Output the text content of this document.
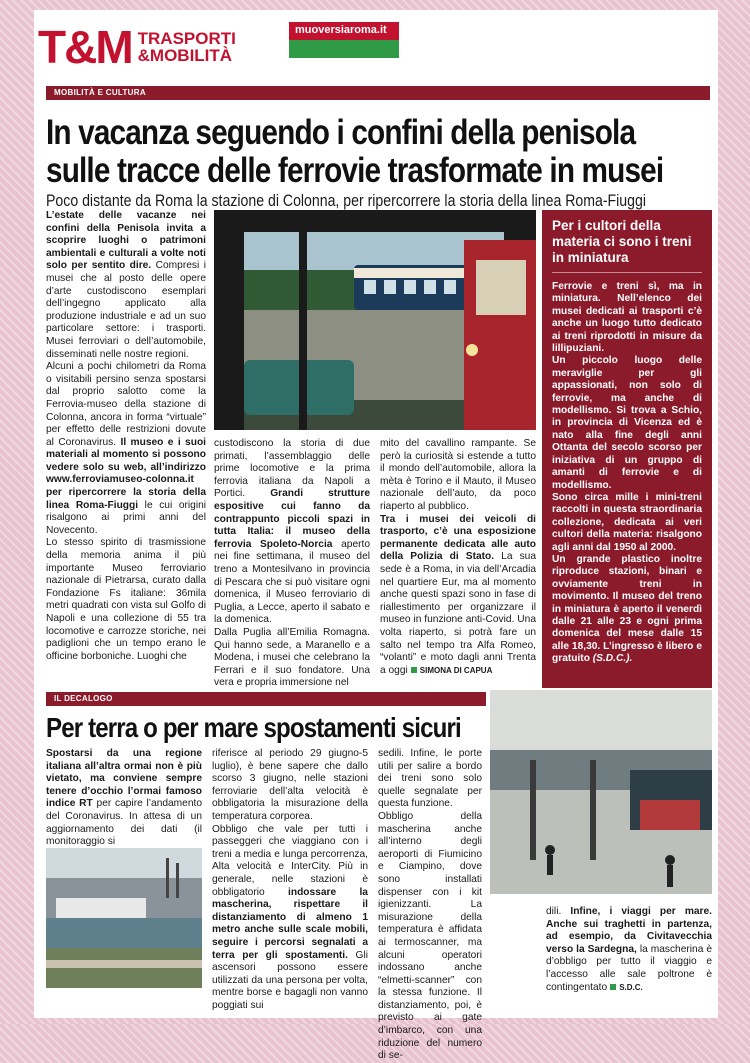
T&M TRASPORTI
&MOBILITÀ
muoversiaroma.it
MOBILITÀ E CULTURA
In vacanza seguendo i confini della penisola
sulle tracce delle ferrovie trasformate in musei
Poco distante da Roma la stazione di Colonna, per ripercorrere la storia della linea Roma-Fiuggi
L’estate delle vacanze nei confini della Penisola invita a scoprire luoghi o patrimoni ambientali e culturali a volte noti solo per sentito dire. Compresi i musei che al posto delle opere d’arte custodiscono esemplari dell’ingegno applicato alla produzione industriale e ad un suo particolare settore: i trasporti. Musei ferroviari o dell’automobile, disseminati nelle nostre regioni.
Alcuni a pochi chilometri da Roma o visitabili persino senza spostarsi dal proprio salotto come la Ferrovia-museo della stazione di Colonna, ancora in forma “virtuale” per effetto delle restrizioni dovute al Coronavirus. Il museo e i suoi materiali al momento si possono vedere solo su web, all’indirizzo www.ferroviamuseo-colonna.it per ripercorrere la storia della linea Roma-Fiuggi le cui origini risalgono ai primi anni del Novecento.
Lo stesso spirito di trasmissione della memoria anima il più importante Museo ferroviario nazionale di Pietrarsa, curato dalla Fondazione Fs italiane: 36mila metri quadrati con vista sul Golfo di Napoli e una collezione di 55 tra locomotive e carrozze storiche, nei padiglioni che un tempo erano le officine borboniche. Luoghi che
custodiscono la storia di due primati, l’assemblaggio delle prime locomotive e la prima ferrovia italiana da Napoli a Portici. Grandi strutture espositive cui fanno da contrappunto piccoli spazi in tutta Italia: il museo della ferrovia Spoleto-Norcia aperto nei fine settimana, il museo del treno a Montesilvano in provincia di Pescara che si può visitare ogni domenica, il Museo ferroviario di Puglia, a Lecce, aperto il sabato e la domenica.
Dalla Puglia all’Emilia Romagna. Qui hanno sede, a Maranello e a Modena, i musei che celebrano la Ferrari e il suo fondatore. Una vera e propria immersione nel
mito del cavallino rampante. Se però la curiosità si estende a tutto il mondo dell’automobile, allora la mèta è Torino e il Mauto, il Museo nazionale dell’auto, da poco riaperto al pubblico.
Tra i musei dei veicoli di trasporto, c’è una esposizione permanente dedicata alle auto della Polizia di Stato. La sua sede è a Roma, in via dell’Arcadia nel quartiere Eur, ma al momento anche questi spazi sono in fase di riallestimento per organizzare il museo in funzione anti-Covid. Una volta riaperto, si potrà fare un salto nel tempo tra Alfa Romeo, “volanti” e moto dagli anni Trenta a oggi SIMONA DI CAPUA
Per i cultori della materia ci sono i treni in miniatura
Ferrovie e treni sì, ma in miniatura. Nell’elenco dei musei dedicati ai trasporti c’è anche un luogo tutto dedicato ai treni riprodotti in misure da lillipuziani.
Un piccolo luogo delle meraviglie per gli appassionati, non solo di ferrovie, ma anche di modellismo. Si trova a Schio, in provincia di Vicenza ed è nato alla fine degli anni Ottanta del secolo scorso per iniziativa di un gruppo di amanti di ferrovie e di modellismo.
Sono circa mille i mini-treni raccolti in questa straordinaria collezione, dedicata ai veri cultori della materia: risalgono agli anni dal 1950 al 2000.
Un grande plastico inoltre riproduce stazioni, binari e ovviamente treni in movimento. Il museo del treno in miniatura è aperto il venerdì dalle 21 alle 23 e ogni prima domenica del mese dalle 15 alle 18,30. L’ingresso è libero e gratuito (S.D.C.).
IL DECALOGO
Per terra o per mare spostamenti sicuri
Spostarsi da una regione italiana all’altra ormai non è più vietato, ma conviene sempre tenere d’occhio l’ormai famoso indice RT per capire l’andamento del Coronavirus. In attesa di un aggiornamento dei dati (il monitoraggio si
riferisce al periodo 29 giugno-5 luglio), è bene sapere che dallo scorso 3 giugno, nelle stazioni ferroviarie dell’alta velocità è obbligatoria la misurazione della temperatura corporea.
Obbligo che vale per tutti i passeggeri che viaggiano con i treni a media e lunga percorrenza, Alta velocità e InterCity. Più in generale, nelle stazioni è obbligatorio indossare la mascherina, rispettare il distanziamento di almeno 1 metro anche sulle scale mobili, seguire i percorsi segnalati a terra per gli spostamenti. Gli ascensori possono essere utilizzati da una persona per volta, mentre borse e bagagli non vanno poggiati sui
sedili. Infine, le porte utili per salire a bordo dei treni sono solo quelle segnalate per questa funzione.
Obbligo della mascherina anche all’interno degli aeroporti di Fiumicino e Ciampino, dove sono installati dispenser con i kit igienizzanti. La misurazione della temperatura è affidata ai termoscanner, ma alcuni operatori indossano anche “elmetti-scanner” con la stessa funzione. Il distanziamento, poi, è previsto ai gate d’imbarco, con una riduzione del numero di se-
dili. Infine, i viaggi per mare. Anche sui traghetti in partenza, ad esempio, da Civitavecchia verso la Sardegna, la mascherina è d’obbligo per tutto il viaggio e l’accesso alle sale poltrone è contingentato S.D.C.
